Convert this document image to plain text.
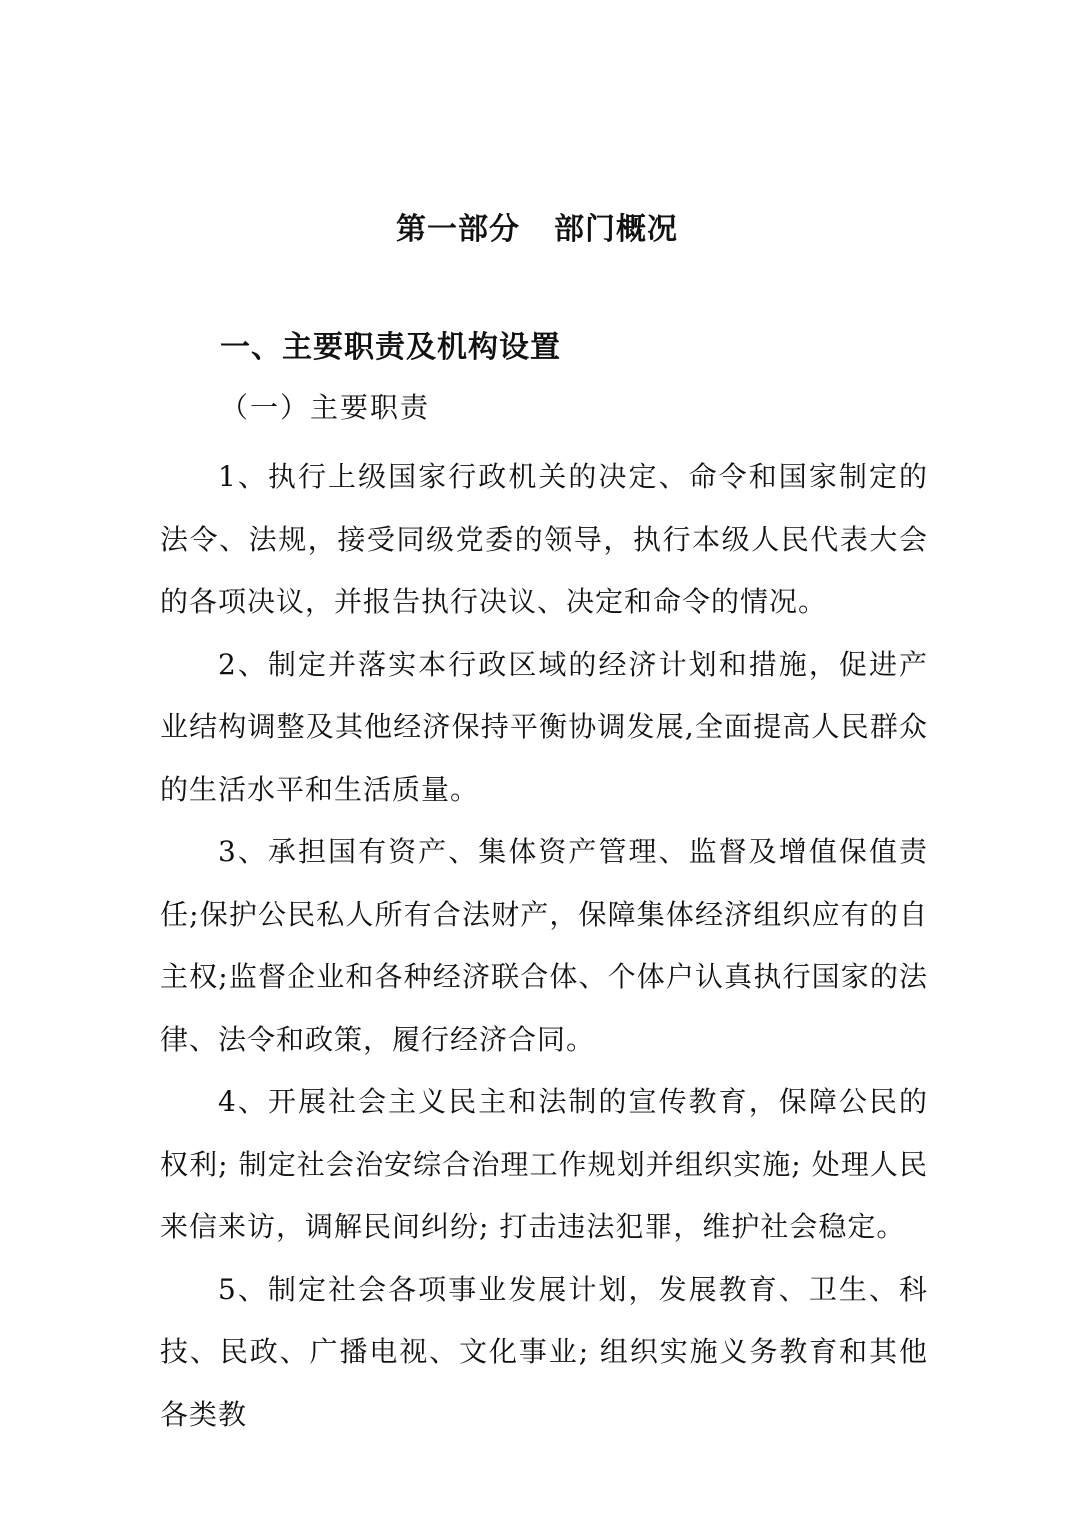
第一部分 部门概况
一、主要职责及机构设置
（一）主要职责

1、执行上级国家行政机关的决定、命令和国家制定的法令、法规，接受同级党委的领导，执行本级人民代表大会的各项决议，并报告执行决议、决定和命令的情况。

2、制定并落实本行政区域的经济计划和措施，促进产业结构调整及其他经济保持平衡协调发展,全面提高人民群众的生活水平和生活质量。

3、承担国有资产、集体资产管理、监督及增值保值责任;保护公民私人所有合法财产，保障集体经济组织应有的自主权;监督企业和各种经济联合体、个体户认真执行国家的法律、法令和政策，履行经济合同。

4、开展社会主义民主和法制的宣传教育，保障公民的权利; 制定社会治安综合治理工作规划并组织实施; 处理人民来信来访，调解民间纠纷; 打击违法犯罪，维护社会稳定。

5、制定社会各项事业发展计划，发展教育、卫生、科技、民政、广播电视、文化事业; 组织实施义务教育和其他各类教
